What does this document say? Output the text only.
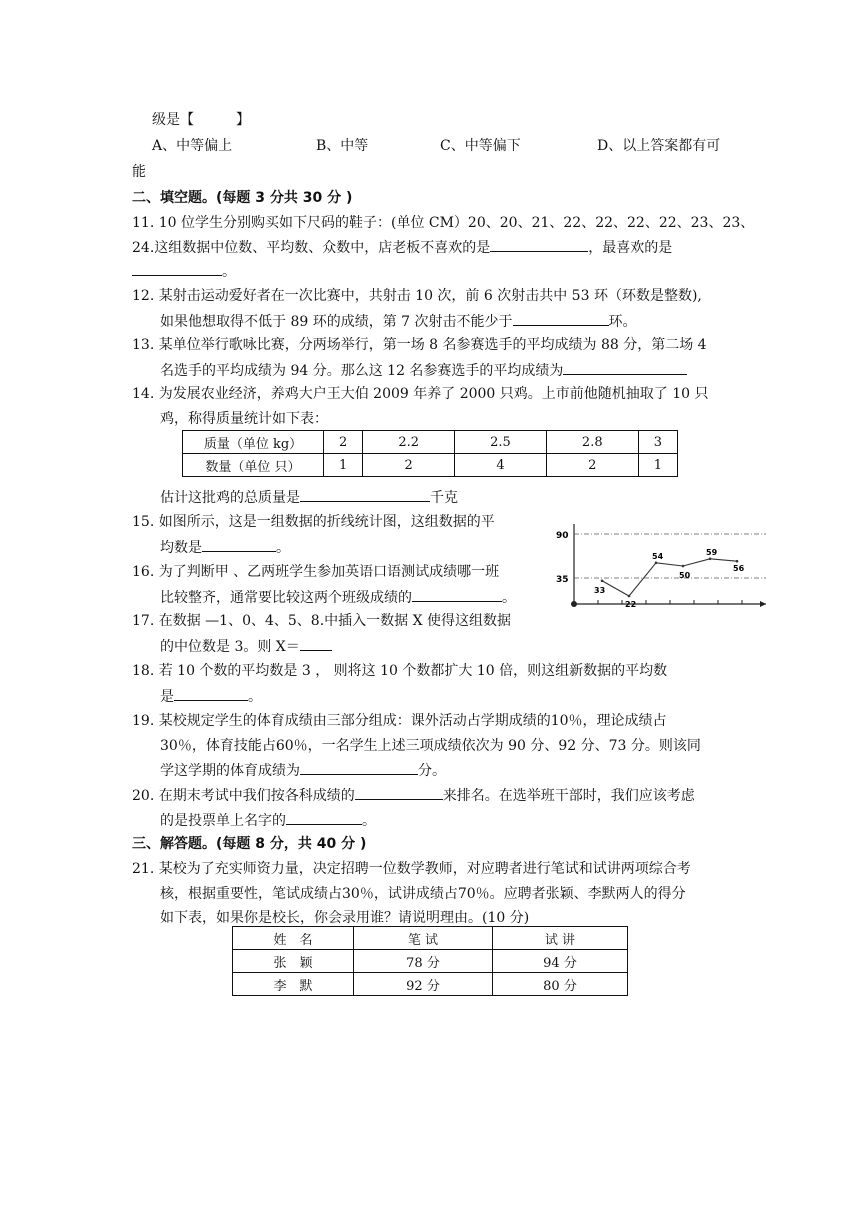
级是【　　　】
A、中等偏上	B、中等	C、中等偏下	D、以上答案都有可
能
二、填空题。(每题 3 分共 30 分 )
11. 10 位学生分别购买如下尺码的鞋子：(单位 CM）20、20、21、22、22、22、22、23、23、
24.这组数据中位数、平均数、众数中，店老板不喜欢的是	，最喜欢的是
。
12. 某射击运动爱好者在一次比赛中，共射击 10 次，前 6 次射击共中 53 环（环数是整数),
如果他想取得不低于 89 环的成绩，第 7 次射击不能少于	环。
13. 某单位举行歌咏比赛，分两场举行，第一场 8 名参赛选手的平均成绩为 88 分，第二场 4
名选手的平均成绩为 94 分。那么这 12 名参赛选手的平均成绩为
14. 为发展农业经济，养鸡大户王大伯 2009 年养了 2000 只鸡。上市前他随机抽取了 10 只
鸡，称得质量统计如下表：
质量（单位 kg）	2	2.2	2.5	2.8	3
数量（单位 只）	1	2	4	2	1
估计这批鸡的总质量是	千克
15. 如图所示，这是一组数据的折线统计图，这组数据的平
均数是	。
90
35
33
22
54
50
59
56
16. 为了判断甲 、乙两班学生参加英语口语测试成绩哪一班
比较整齐，通常要比较这两个班级成绩的	。
17. 在数据 —1、0、4、5、8.中插入一数据 X 使得这组数据
的中位数是 3。则 X＝
18. 若 10 个数的平均数是 3 ， 则将这 10 个数都扩大 10 倍，则这组新数据的平均数
是	。
19. 某校规定学生的体育成绩由三部分组成：课外活动占学期成绩的10％，理论成绩占
30％，体育技能占60％，一名学生上述三项成绩依次为 90 分、92 分、73 分。则该同
学这学期的体育成绩为	分。
20. 在期末考试中我们按各科成绩的	来排名。在选举班干部时，我们应该考虑
的是投票单上名字的	。
三、解答题。(每题 8 分，共 40 分 )
21. 某校为了充实师资力量，决定招聘一位数学教师，对应聘者进行笔试和试讲两项综合考
核，根据重要性，笔试成绩占30％，试讲成绩占70％。应聘者张颖、李默两人的得分
如下表，如果你是校长，你会录用谁？请说明理由。(10 分)
姓　名	笔 试	试 讲
张　颖	78 分	94 分
李　默	92 分	80 分
